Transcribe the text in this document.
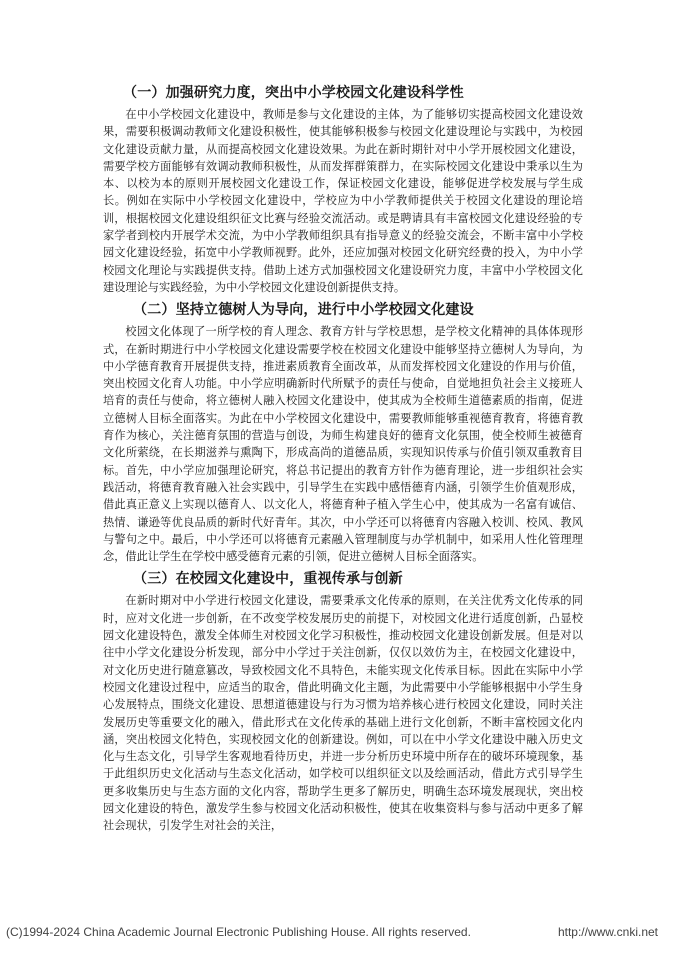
（一）加强研究力度，突出中小学校园文化建设科学性

在中小学校园文化建设中，教师是参与文化建设的主体，为了能够切实提高校园文化建设效果，需要积极调动教师文化建设积极性，使其能够积极参与校园文化建设理论与实践中，为校园文化建设贡献力量，从而提高校园文化建设效果。为此在新时期针对中小学开展校园文化建设，需要学校方面能够有效调动教师积极性，从而发挥群策群力，在实际校园文化建设中秉承以生为本、以校为本的原则开展校园文化建设工作，保证校园文化建设，能够促进学校发展与学生成长。例如在实际中小学校园文化建设中，学校应为中小学教师提供关于校园文化建设的理论培训，根据校园文化建设组织征文比赛与经验交流活动。或是聘请具有丰富校园文化建设经验的专家学者到校内开展学术交流，为中小学教师组织具有指导意义的经验交流会，不断丰富中小学校园文化建设经验，拓宽中小学教师视野。此外，还应加强对校园文化研究经费的投入，为中小学校园文化理论与实践提供支持。借助上述方式加强校园文化建设研究力度，丰富中小学校园文化建设理论与实践经验，为中小学校园文化建设创新提供支持。

（二）坚持立德树人为导向，进行中小学校园文化建设

校园文化体现了一所学校的育人理念、教育方针与学校思想，是学校文化精神的具体体现形式，在新时期进行中小学校园文化建设需要学校在校园文化建设中能够坚持立德树人为导向，为中小学德育教育开展提供支持，推进素质教育全面改革，从而发挥校园文化建设的作用与价值，突出校园文化育人功能。中小学应明确新时代所赋予的责任与使命，自觉地担负社会主义接班人培育的责任与使命，将立德树人融入校园文化建设中，使其成为全校师生道德素质的指南，促进立德树人目标全面落实。为此在中小学校园文化建设中，需要教师能够重视德育教育，将德育教育作为核心，关注德育氛围的营造与创设，为师生构建良好的德育文化氛围，使全校师生被德育文化所萦绕，在长期滋养与熏陶下，形成高尚的道德品质，实现知识传承与价值引领双重教育目标。首先，中小学应加强理论研究，将总书记提出的教育方针作为德育理论，进一步组织社会实践活动，将德育教育融入社会实践中，引导学生在实践中感悟德育内涵，引领学生价值观形成，借此真正意义上实现以德育人、以文化人，将德育种子植入学生心中，使其成为一名富有诚信、热情、谦逊等优良品质的新时代好青年。其次，中小学还可以将德育内容融入校训、校风、教风与警句之中。最后，中小学还可以将德育元素融入管理制度与办学机制中，如采用人性化管理理念，借此让学生在学校中感受德育元素的引领，促进立德树人目标全面落实。

（三）在校园文化建设中，重视传承与创新

在新时期对中小学进行校园文化建设，需要秉承文化传承的原则，在关注优秀文化传承的同时，应对文化进一步创新，在不改变学校发展历史的前提下，对校园文化进行适度创新，凸显校园文化建设特色，激发全体师生对校园文化学习积极性，推动校园文化建设创新发展。但是对以往中小学文化建设分析发现，部分中小学过于关注创新，仅仅以效仿为主，在校园文化建设中，对文化历史进行随意篡改，导致校园文化不具特色，未能实现文化传承目标。因此在实际中小学校园文化建设过程中，应适当的取舍，借此明确文化主题，为此需要中小学能够根据中小学生身心发展特点，围绕文化建设、思想道德建设与行为习惯为培养核心进行校园文化建设，同时关注发展历史等重要文化的融入，借此形式在文化传承的基础上进行文化创新，不断丰富校园文化内涵，突出校园文化特色，实现校园文化的创新建设。例如，可以在中小学文化建设中融入历史文化与生态文化，引导学生客观地看待历史，并进一步分析历史环境中所存在的破坏环境现象，基于此组织历史文化活动与生态文化活动，如学校可以组织征文以及绘画活动，借此方式引导学生更多收集历史与生态方面的文化内容，帮助学生更多了解历史，明确生态环境发展现状，突出校园文化建设的特色，激发学生参与校园文化活动积极性，使其在收集资料与参与活动中更多了解社会现状，引发学生对社会的关注，

(C)1994-2024 China Academic Journal Electronic Publishing House. All rights reserved.	http://www.cnki.net
